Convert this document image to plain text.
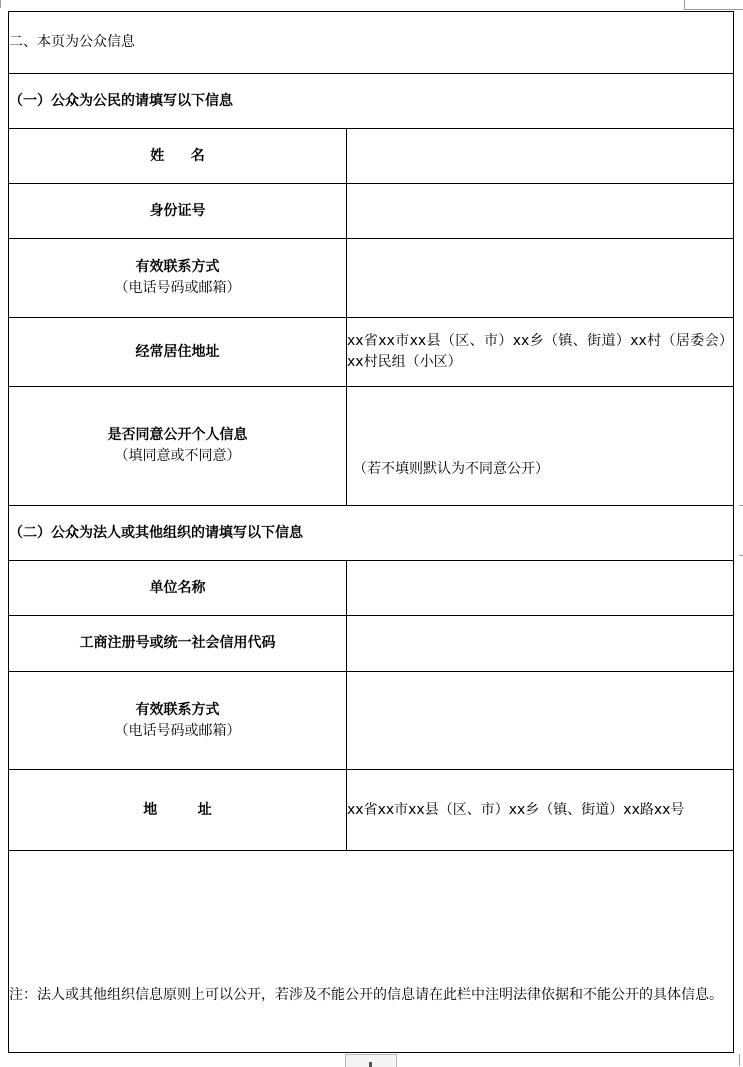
二、本页为公众信息	
（一）公众为公民的请填写以下信息	
姓名	
身份证号	
有效联系方式
（电话号码或邮箱）	

经常居住地址	xx省xx市xx县（区、市）xx乡（镇、街道）xx村（居委会）xx村民组（小区）
是否同意公开个人信息
（填同意或不同意）	（若不填则默认为不同意公开）

（二）公众为法人或其他组织的请填写以下信息	
单位名称	
工商注册号或统一社会信用代码	
有效联系方式
（电话号码或邮箱）	

地址	xx省xx市xx县（区、市）xx乡（镇、街道）xx路xx号

注：法人或其他组织信息原则上可以公开，若涉及不能公开的信息请在此栏中注明法律依据和不能公开的具体信息。	
